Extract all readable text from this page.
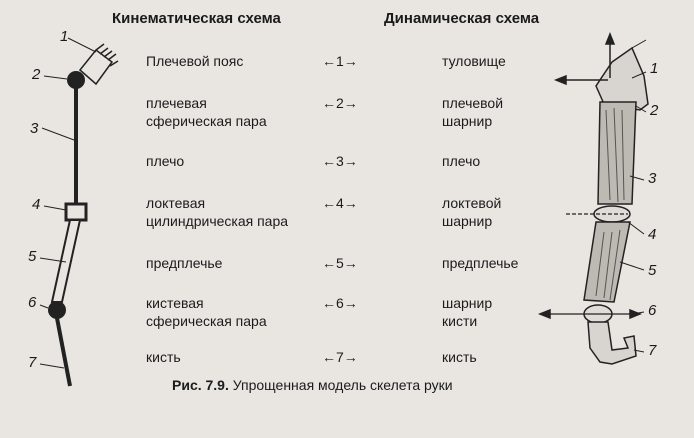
1
2
3
4
5
6
7
1
2
3
4
5
6
7
Кинематическая схема	Динамическая схема
Плечевой пояс	←1→	туловище
плечевая
сферическая пара
←2→	плечевой
шарнир
плечо	←3→	плечо
локтевая
цилиндрическая пара
←4→	локтевой
шарнир
предплечье	←5→	предплечье
кистевая
сферическая пара
←6→	шарнир
кисти
кисть	←7→	кисть
Рис. 7.9. Упрощенная модель скелета руки
